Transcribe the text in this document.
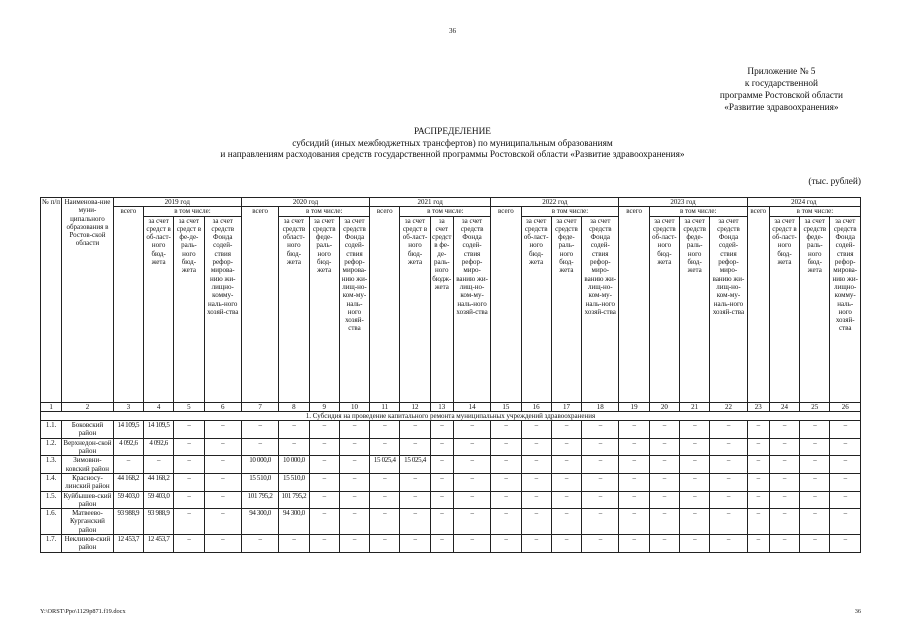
36
Приложение № 5
к государственной
программе Ростовской области
«Развитие здравоохранения»
РАСПРЕДЕЛЕНИЕ
субсидий (иных межбюджетных трансфертов) по муниципальным образованиям
и направлениям расходования средств государственной программы Ростовской области «Развитие здравоохранения»
(тыс. рублей)
№ п/п	Наименова-ние муни-ципального образования в Ростов-ской области	2019 год				2020 год				2021 год				2022 год				2023 год				2024 год			
		всего	в том числе:			всего	в том числе:			всего	в том числе:			всего	в том числе:			всего	в том числе:			всего	в том числе:		
			за счет средст в об-ласт-ного бюд-жета	за счет средст в фе-де-раль-ного бюд-жета	за счет средств Фонда содей-ствия рефор-мирова-нию жи-лищно-комму-наль-ного хозяй-ства		за счет средств област-ного бюд-жета	за счет средств феде-раль-ного бюд-жета	за счет средств Фонда содей-ствия рефор-мирова-нию жи-лищ-но-ком-му-наль-ного хозяй-ства		за счет средст в об-ласт-ного бюд-жета	за счет средств фе-де-раль-ного бюдж-жета	за счет средств Фонда содей-ствия рефор-миро-ванию жи-лищ-но-ком-му-наль-ного хозяй-ства		за счет средств об-ласт-ного бюд-жета	за счет средств феде-раль-ного бюд-жета	за счет средств Фонда содей-ствия рефор-миро-ванию жи-лищ-но-ком-му-наль-ного хозяй-ства		за счет средств об-ласт-ного бюд-жета	за счет средств феде-раль-ного бюд-жета	за счет средств Фонда содей-ствия рефор-миро-ванию жи-лищ-но-ком-му-наль-ного хозяй-ства		за счет средст в об-ласт-ного бюд-жета	за счет средств феде-раль-ного бюд-жета	за счет средств Фонда содей-ствия рефор-мирова-нию жи-лищно-комму-наль-ного хозяй-ства
1	2	3	4	5	6	7	8	9	10	11	12	13	14	15	16	17	18	19	20	21	22	23	24	25	26
1. Субсидия на проведение капитального ремонта муниципальных учреждений здравоохранения																									
1.1.	Боковский район	14 109,5	14 109,5	–	–	–	–	–	–	–	–	–	–	–	–	–	–	–	–	–	–	–	–	–	–
1.2.	Верхнедон-ской район	4 092,6	4 092,6	–	–	–	–	–	–	–	–	–	–	–	–	–	–	–	–	–	–	–	–	–	–
1.3.	Зимовни-ковский район	–	–	–	–	10 000,0	10 000,0	–	–	15 025,4	15 025,4	–	–	–	–	–	–	–	–	–	–	–	–	–	–
1.4.	Красносу-линский район	44 168,2	44 168,2	–	–	15 510,0	15 510,0	–	–	–	–	–	–	–	–	–	–	–	–	–	–	–	–	–	–
1.5.	Куйбышев-ский район	59 403,0	59 403,0	–	–	101 795,2	101 795,2	–	–	–	–	–	–	–	–	–	–	–	–	–	–	–	–	–	–
1.6.	Матвеево-Курганский район	93 988,9	93 988,9	–	–	94 300,0	94 300,0	–	–	–	–	–	–	–	–	–	–	–	–	–	–	–	–	–	–
1.7.	Неклинов-ский район	12 453,7	12 453,7	–	–	–	–	–	–	–	–	–	–	–	–	–	–	–	–	–	–	–	–	–	–
Y:\ORST\Ppo\1129p871.f19.docx	36
